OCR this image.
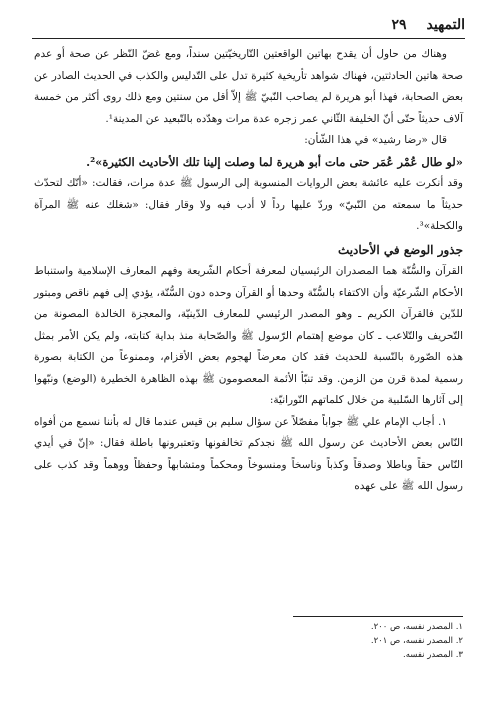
التمهيد
٢٩

وهناك من حاول أن يقدح بهاتين الواقعتين التّاريخيّتين سنداً، ومع غضّ النّظر عن صحة أو عدم صحة هاتين الحادثتين، فهناك شواهد تأريخية كثيرة تدل على التّدليس والكذب في الحديث الصادر عن بعض الصحابة، فهذا أبو هريرة لم يصاحب النّبيّ ﷺ إلاّ أقل من سنتين ومع ذلك روى أكثر من خمسة آلاف حديثاً حتّى أنّ الخليفة الثّاني عمر زجره عدة مرات وهدّده بالتّبعيد عن المدينة¹.

قال «رضا رشيد» في هذا الشّأن:

«لو طال عُمْر عُمَر حتى مات أبو هريرة لما وصلت إلينا تلك الأحاديث الكثيرة»².

وقد أنكرت عليه عائشة بعض الروايات المنسوبة إلى الرسول ﷺ عدة مرات، فقالت: «أنّك لتحدّث حديثاً ما سمعته من النّبيّ» وردّ عليها رداً لا أدب فيه ولا وقار فقال: «شغلك عنه ﷺ المرآة والكحلة»³.

جذور الوضع في الأحاديث

القرآن والسُّنّة هما المصدران الرئيسيان لمعرفة أحكام الشّريعة وفهم المعارف الإسلامية واستنباط الأحكام الشّرعيّة وأن الاكتفاء بالسُّنّة وحدها أو القرآن وحده دون السُّنّة، يؤدي إلى فهم ناقص ومبتور للدّين فالقرآن الكريم ـ وهو المصدر الرئيسي للمعارف الدّينيّة، والمعجزة الخالدة المصونة من التّحريف والتّلاعب ـ كان موضع إهتمام الرّسول ﷺ والصّحابة منذ بداية كتابته، ولم يكن الأمر بمثل هذه الصّورة بالنّسبة للحديث فقد كان معرضاً لهجوم بعض الأقزام، وممنوعاً من الكتابة بصورة رسمية لمدة قرن من الزمن. وقد تنبّأ الأئمة المعصومون ﷺ بهذه الظاهرة الخطيرة (الوضع) ونبّهوا إلى آثارها السّلبية من خلال كلماتهم النّورانيّة:

١. أجاب الإمام علي ﷺ جواباً مفصّلاً عن سؤال سليم بن قيس عندما قال له بأننا نسمع من أفواه النّاس بعض الأحاديث عن رسول الله ﷺ نجدكم تخالفونها وتعتبرونها باطلة فقال: «إنّ في أيدي النّاس حقاً وباطلا وصدقاً وكذباً وناسخاً ومنسوخاً ومحكماً ومتشابهاً وحفظاً ووهماً وقد كذب على رسول الله ﷺ على عهده

١. المصدر نفسه، ص ٢٠٠.
٢. المصدر نفسه، ص ٢٠١.
٣. المصدر نفسه.
